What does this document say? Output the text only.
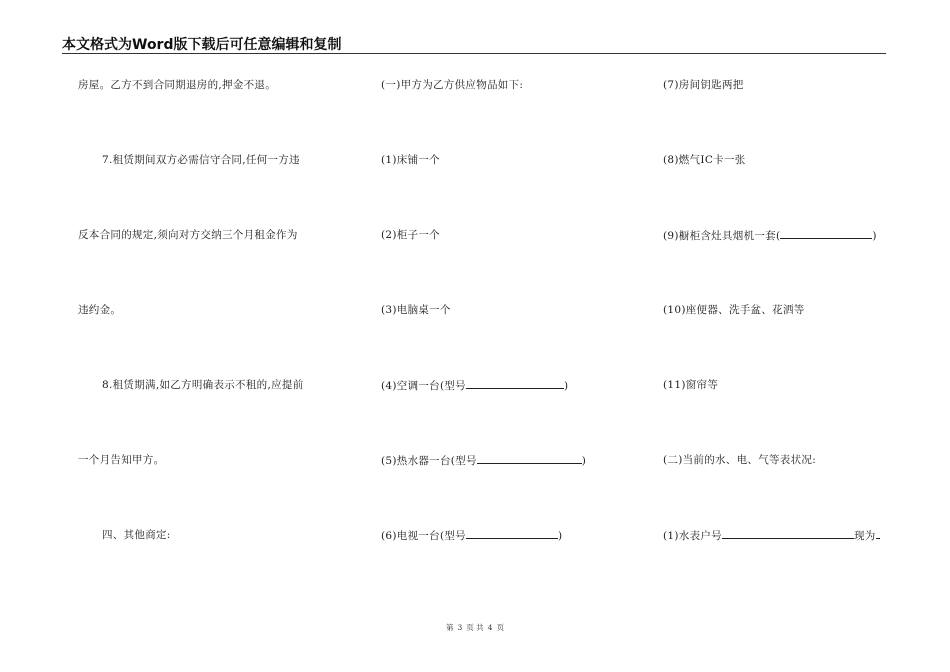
本文格式为Word版下载后可任意编辑和复制
房屋。乙方不到合同期退房的,押金不退。
7.租赁期间双方必需信守合同,任何一方违
反本合同的规定,须向对方交纳三个月租金作为
违约金。
8.租赁期满,如乙方明确表示不租的,应提前
一个月告知甲方。
四、其他商定:
(一)甲方为乙方供应物品如下:
(1)床铺一个
(2)柜子一个
(3)电脑桌一个
(4)空调一台(型号	)
(5)热水器一台(型号	)
(6)电视一台(型号	)
(7)房间钥匙两把
(8)燃气IC卡一张
(9)橱柜含灶具烟机一套(	)
(10)座便器、洗手盆、花洒等
(11)窗帘等
(二)当前的水、电、气等表状况:
(1)水表户号	现为
第 3 页 共 4 页
